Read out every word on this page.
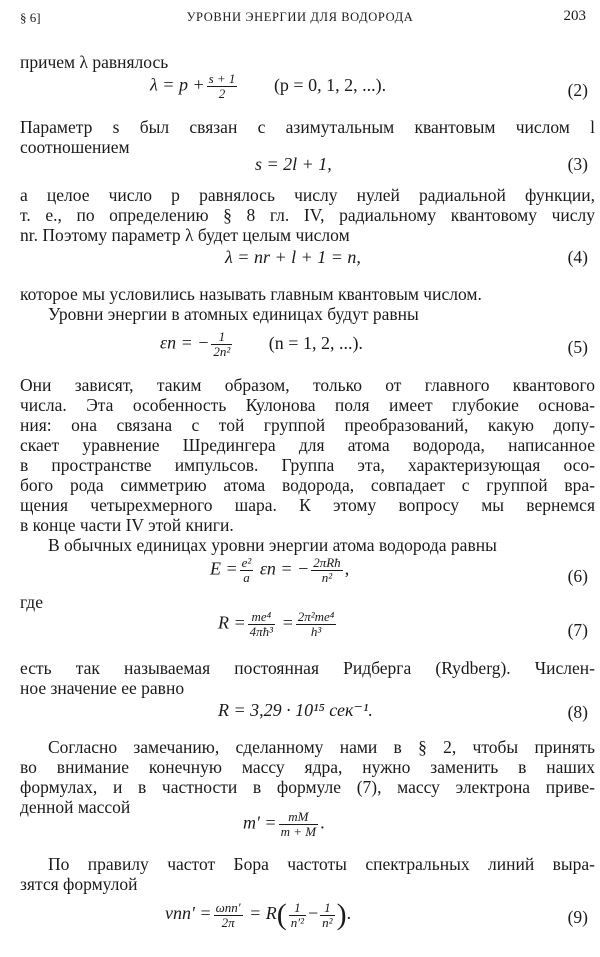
§ 6]	УРОВНИ ЭНЕРГИИ ДЛЯ ВОДОРОДА	203
причем λ равнялось
$\lambda = p + \frac{s + 1}{2} (p = 0$, 1, 2, ...).	(2)
Параметр s был связан с азимутальным квантовым числом l
соотношением
s = 2l + 1,	(3)
а целое число p равнялось числу нулей радиальной функции,
т. е., по определению § 8 гл. IV, радиальному квантовому числу
nr. Поэтому параметр λ будет целым числом
λ = nr + l + 1 = n,	(4)
которое мы условились называть главным квантовым числом.
Уровни энергии в атомных единицах будут равны
εn = − $\frac{1}{\text{2n²}} (n = 1$, 2, ...).	(5)
Они зависят, таким образом, только от главного квантового
числа. Эта особенность Кулонова поля имеет глубокие основа-
ния: она связана с той группой преобразований, какую допу-
скает уравнение Шредингера для атома водорода, написанное
в пространстве импульсов. Группа эта, характеризующая осо-
бого рода симметрию атома водорода, совпадает с группой вра-
щения четырехмерного шара. К этому вопросу мы вернемся
в конце части IV этой книги.
В обычных единицах уровни энергии атома водорода равны
$E = \frac{\text{e²}}{a}$ εn = − $\frac{\text{2πRħ}}{\text{n²}}$ ,	(6)
где
$R = \frac{\text{me⁴}}{\text{4πħ³}} = \frac{\text{2π²me⁴}}{\text{h³}}$	(7)
есть так называемая постоянная Ридберга (Rydberg). Числен-
ное значение ее равно
R = 3,29 · 10¹⁵ сек⁻¹.	(8)
Согласно замечанию, сделанному нами в § 2, чтобы принять
во внимание конечную массу ядра, нужно заменить в наших
формулах, и в частности в формуле (7), массу электрона приве-
денной массой
$m' = \frac{mM}{m + M}$ .
По правилу частот Бора частоты спектральных линий выра-
зятся формулой
$\nu nn' = \frac{\text{ωnn′}}{2\pi} = R( \frac{1}{\text{n′²}} - \frac{1}{\text{n²}}$ ).	(9)
